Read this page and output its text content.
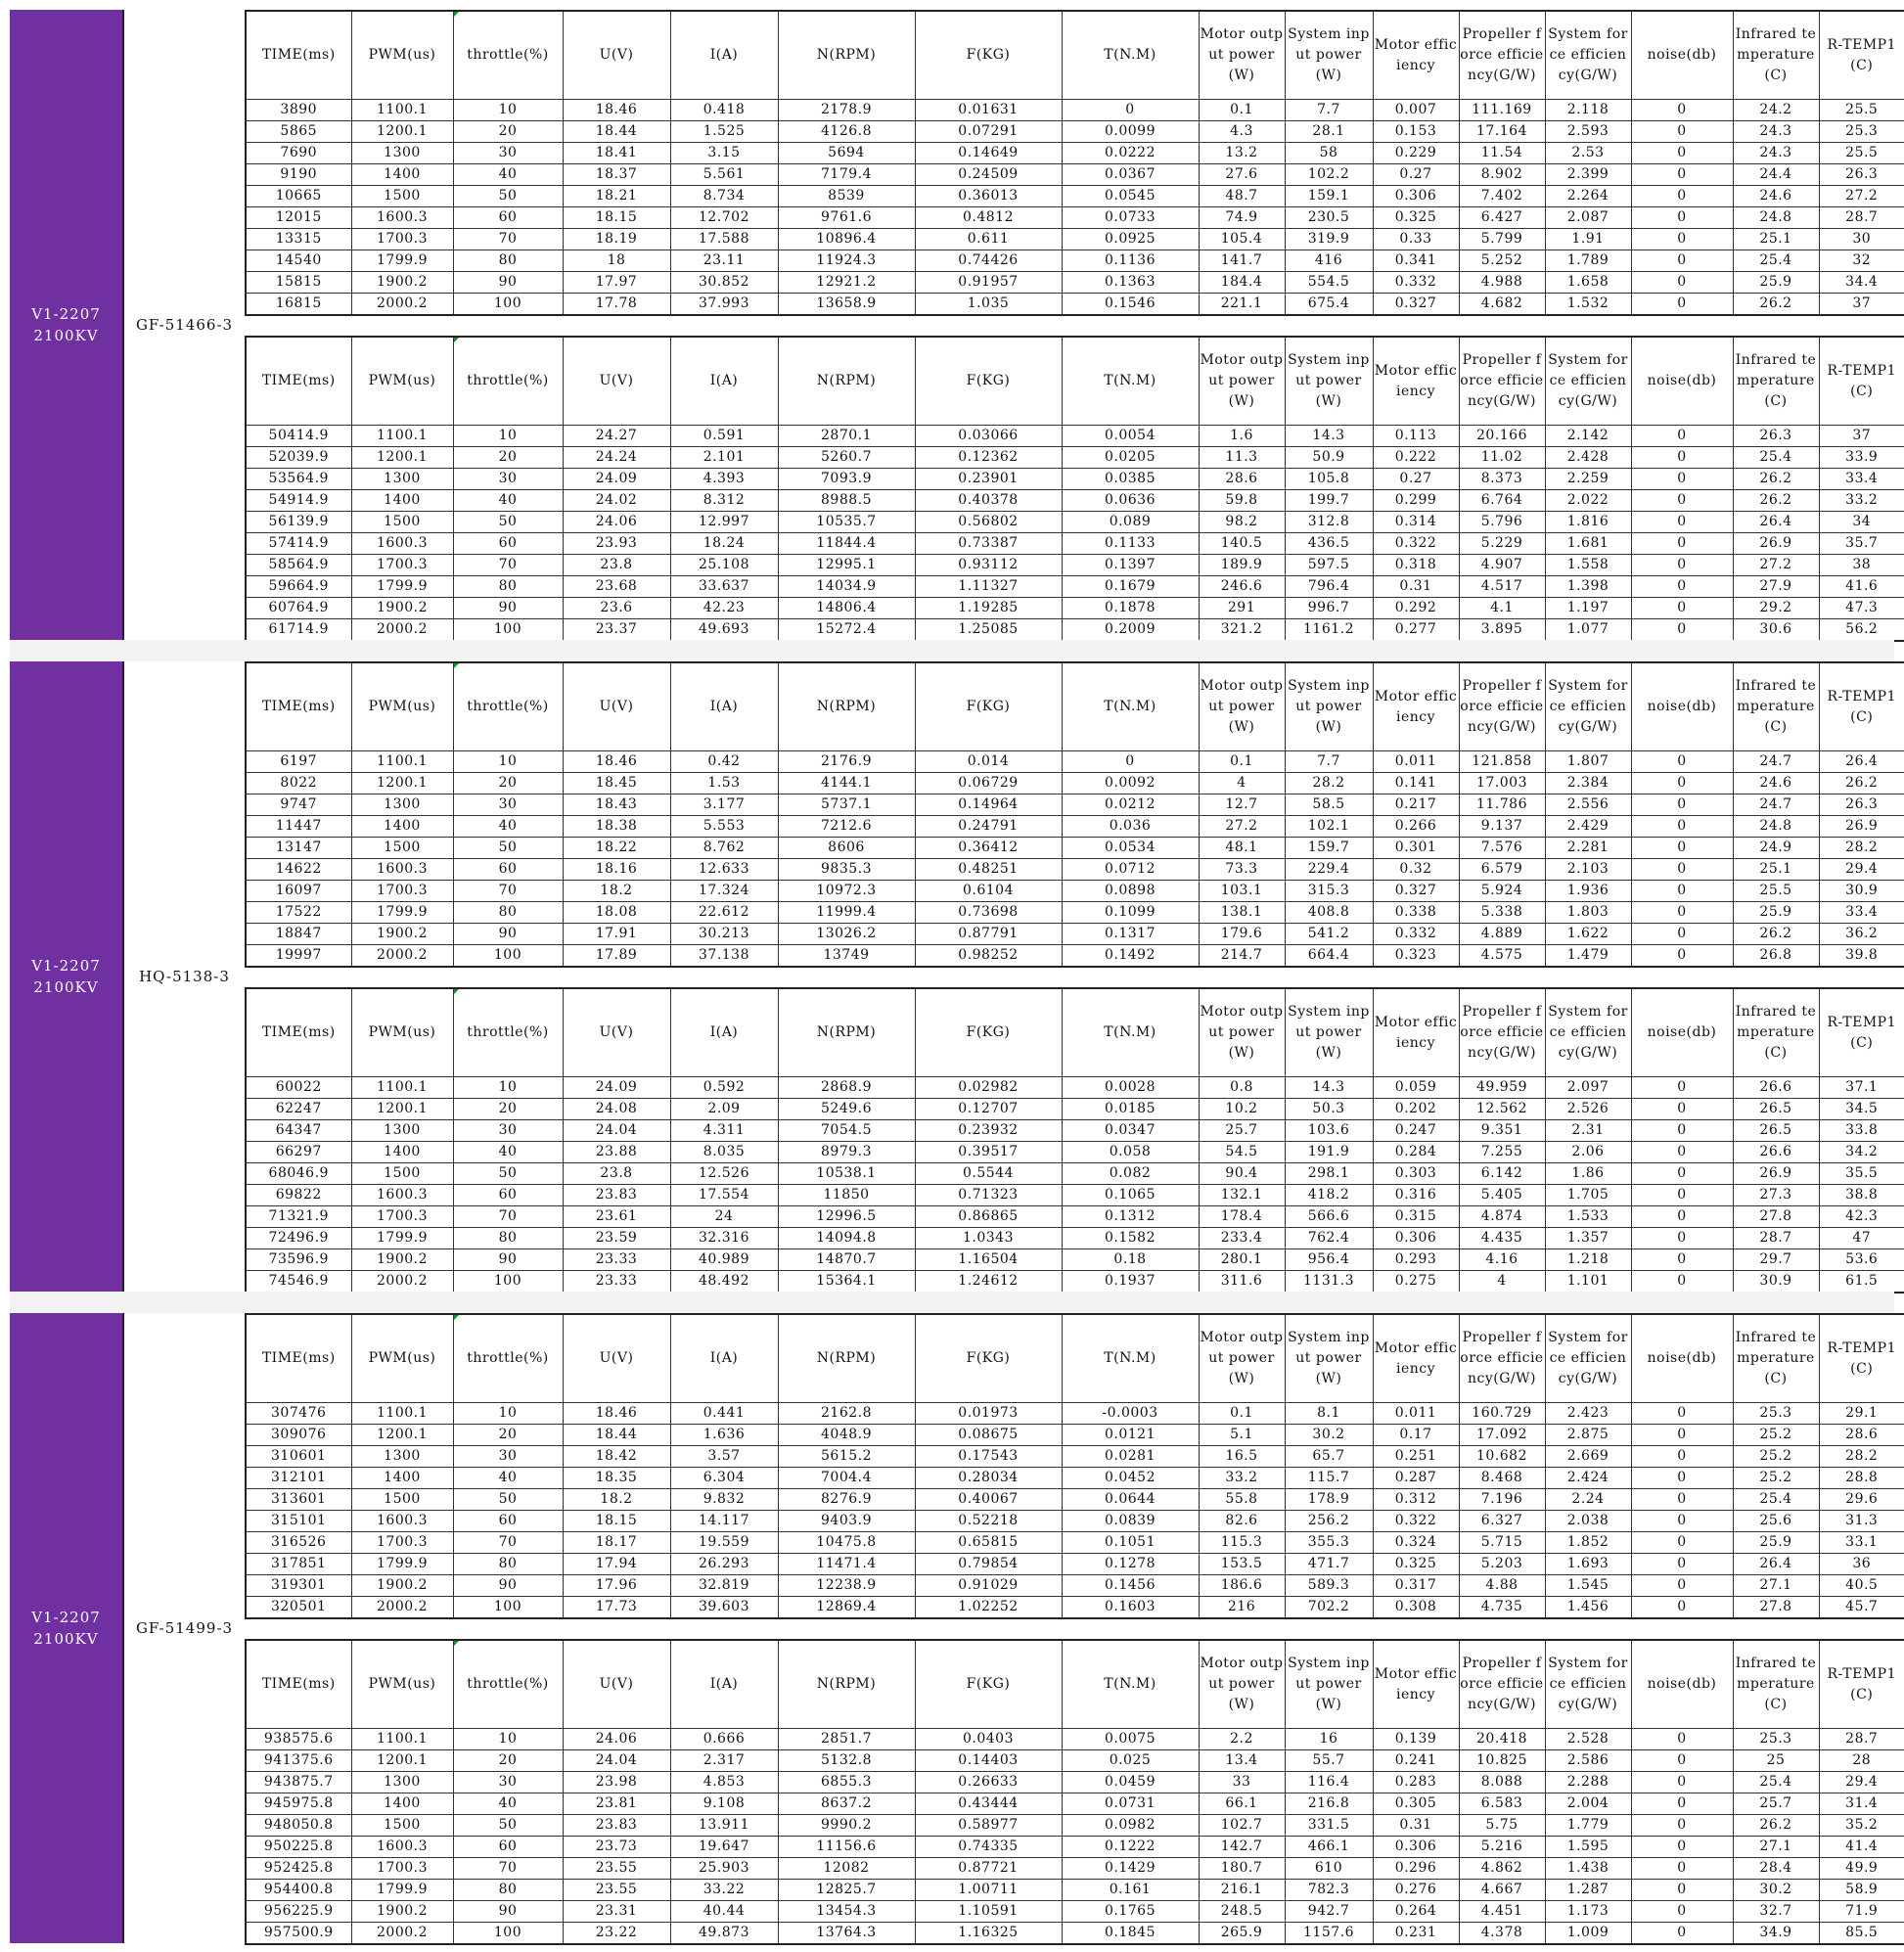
V1-2207
2100KV
GF-51466-3
TIME(ms)	PWM(us)	throttle(%)	U(V)	I(A)	N(RPM)	F(KG)	T(N.M)	Motor output power(W)	System input power(W)	Motor efficiency	Propeller force efficiency(G/W)	System force efficiency(G/W)	noise(db)	Infrared temperature(C)	R-TEMP1(C)
3890	1100.1	10	18.46	0.418	2178.9	0.01631	0	0.1	7.7	0.007	111.169	2.118	0	24.2	25.5
5865	1200.1	20	18.44	1.525	4126.8	0.07291	0.0099	4.3	28.1	0.153	17.164	2.593	0	24.3	25.3
7690	1300	30	18.41	3.15	5694	0.14649	0.0222	13.2	58	0.229	11.54	2.53	0	24.3	25.5
9190	1400	40	18.37	5.561	7179.4	0.24509	0.0367	27.6	102.2	0.27	8.902	2.399	0	24.4	26.3
10665	1500	50	18.21	8.734	8539	0.36013	0.0545	48.7	159.1	0.306	7.402	2.264	0	24.6	27.2
12015	1600.3	60	18.15	12.702	9761.6	0.4812	0.0733	74.9	230.5	0.325	6.427	2.087	0	24.8	28.7
13315	1700.3	70	18.19	17.588	10896.4	0.611	0.0925	105.4	319.9	0.33	5.799	1.91	0	25.1	30
14540	1799.9	80	18	23.11	11924.3	0.74426	0.1136	141.7	416	0.341	5.252	1.789	0	25.4	32
15815	1900.2	90	17.97	30.852	12921.2	0.91957	0.1363	184.4	554.5	0.332	4.988	1.658	0	25.9	34.4
16815	2000.2	100	17.78	37.993	13658.9	1.035	0.1546	221.1	675.4	0.327	4.682	1.532	0	26.2	37
TIME(ms)	PWM(us)	throttle(%)	U(V)	I(A)	N(RPM)	F(KG)	T(N.M)	Motor output power(W)	System input power(W)	Motor efficiency	Propeller force efficiency(G/W)	System force efficiency(G/W)	noise(db)	Infrared temperature(C)	R-TEMP1(C)
50414.9	1100.1	10	24.27	0.591	2870.1	0.03066	0.0054	1.6	14.3	0.113	20.166	2.142	0	26.3	37
52039.9	1200.1	20	24.24	2.101	5260.7	0.12362	0.0205	11.3	50.9	0.222	11.02	2.428	0	25.4	33.9
53564.9	1300	30	24.09	4.393	7093.9	0.23901	0.0385	28.6	105.8	0.27	8.373	2.259	0	26.2	33.4
54914.9	1400	40	24.02	8.312	8988.5	0.40378	0.0636	59.8	199.7	0.299	6.764	2.022	0	26.2	33.2
56139.9	1500	50	24.06	12.997	10535.7	0.56802	0.089	98.2	312.8	0.314	5.796	1.816	0	26.4	34
57414.9	1600.3	60	23.93	18.24	11844.4	0.73387	0.1133	140.5	436.5	0.322	5.229	1.681	0	26.9	35.7
58564.9	1700.3	70	23.8	25.108	12995.1	0.93112	0.1397	189.9	597.5	0.318	4.907	1.558	0	27.2	38
59664.9	1799.9	80	23.68	33.637	14034.9	1.11327	0.1679	246.6	796.4	0.31	4.517	1.398	0	27.9	41.6
60764.9	1900.2	90	23.6	42.23	14806.4	1.19285	0.1878	291	996.7	0.292	4.1	1.197	0	29.2	47.3
61714.9	2000.2	100	23.37	49.693	15272.4	1.25085	0.2009	321.2	1161.2	0.277	3.895	1.077	0	30.6	56.2
V1-2207
2100KV
HQ-5138-3
TIME(ms)	PWM(us)	throttle(%)	U(V)	I(A)	N(RPM)	F(KG)	T(N.M)	Motor output power(W)	System input power(W)	Motor efficiency	Propeller force efficiency(G/W)	System force efficiency(G/W)	noise(db)	Infrared temperature(C)	R-TEMP1(C)
6197	1100.1	10	18.46	0.42	2176.9	0.014	0	0.1	7.7	0.011	121.858	1.807	0	24.7	26.4
8022	1200.1	20	18.45	1.53	4144.1	0.06729	0.0092	4	28.2	0.141	17.003	2.384	0	24.6	26.2
9747	1300	30	18.43	3.177	5737.1	0.14964	0.0212	12.7	58.5	0.217	11.786	2.556	0	24.7	26.3
11447	1400	40	18.38	5.553	7212.6	0.24791	0.036	27.2	102.1	0.266	9.137	2.429	0	24.8	26.9
13147	1500	50	18.22	8.762	8606	0.36412	0.0534	48.1	159.7	0.301	7.576	2.281	0	24.9	28.2
14622	1600.3	60	18.16	12.633	9835.3	0.48251	0.0712	73.3	229.4	0.32	6.579	2.103	0	25.1	29.4
16097	1700.3	70	18.2	17.324	10972.3	0.6104	0.0898	103.1	315.3	0.327	5.924	1.936	0	25.5	30.9
17522	1799.9	80	18.08	22.612	11999.4	0.73698	0.1099	138.1	408.8	0.338	5.338	1.803	0	25.9	33.4
18847	1900.2	90	17.91	30.213	13026.2	0.87791	0.1317	179.6	541.2	0.332	4.889	1.622	0	26.2	36.2
19997	2000.2	100	17.89	37.138	13749	0.98252	0.1492	214.7	664.4	0.323	4.575	1.479	0	26.8	39.8
TIME(ms)	PWM(us)	throttle(%)	U(V)	I(A)	N(RPM)	F(KG)	T(N.M)	Motor output power(W)	System input power(W)	Motor efficiency	Propeller force efficiency(G/W)	System force efficiency(G/W)	noise(db)	Infrared temperature(C)	R-TEMP1(C)
60022	1100.1	10	24.09	0.592	2868.9	0.02982	0.0028	0.8	14.3	0.059	49.959	2.097	0	26.6	37.1
62247	1200.1	20	24.08	2.09	5249.6	0.12707	0.0185	10.2	50.3	0.202	12.562	2.526	0	26.5	34.5
64347	1300	30	24.04	4.311	7054.5	0.23932	0.0347	25.7	103.6	0.247	9.351	2.31	0	26.5	33.8
66297	1400	40	23.88	8.035	8979.3	0.39517	0.058	54.5	191.9	0.284	7.255	2.06	0	26.6	34.2
68046.9	1500	50	23.8	12.526	10538.1	0.5544	0.082	90.4	298.1	0.303	6.142	1.86	0	26.9	35.5
69822	1600.3	60	23.83	17.554	11850	0.71323	0.1065	132.1	418.2	0.316	5.405	1.705	0	27.3	38.8
71321.9	1700.3	70	23.61	24	12996.5	0.86865	0.1312	178.4	566.6	0.315	4.874	1.533	0	27.8	42.3
72496.9	1799.9	80	23.59	32.316	14094.8	1.0343	0.1582	233.4	762.4	0.306	4.435	1.357	0	28.7	47
73596.9	1900.2	90	23.33	40.989	14870.7	1.16504	0.18	280.1	956.4	0.293	4.16	1.218	0	29.7	53.6
74546.9	2000.2	100	23.33	48.492	15364.1	1.24612	0.1937	311.6	1131.3	0.275	4	1.101	0	30.9	61.5
V1-2207
2100KV
GF-51499-3
TIME(ms)	PWM(us)	throttle(%)	U(V)	I(A)	N(RPM)	F(KG)	T(N.M)	Motor output power(W)	System input power(W)	Motor efficiency	Propeller force efficiency(G/W)	System force efficiency(G/W)	noise(db)	Infrared temperature(C)	R-TEMP1(C)
307476	1100.1	10	18.46	0.441	2162.8	0.01973	-0.0003	0.1	8.1	0.011	160.729	2.423	0	25.3	29.1
309076	1200.1	20	18.44	1.636	4048.9	0.08675	0.0121	5.1	30.2	0.17	17.092	2.875	0	25.2	28.6
310601	1300	30	18.42	3.57	5615.2	0.17543	0.0281	16.5	65.7	0.251	10.682	2.669	0	25.2	28.2
312101	1400	40	18.35	6.304	7004.4	0.28034	0.0452	33.2	115.7	0.287	8.468	2.424	0	25.2	28.8
313601	1500	50	18.2	9.832	8276.9	0.40067	0.0644	55.8	178.9	0.312	7.196	2.24	0	25.4	29.6
315101	1600.3	60	18.15	14.117	9403.9	0.52218	0.0839	82.6	256.2	0.322	6.327	2.038	0	25.6	31.3
316526	1700.3	70	18.17	19.559	10475.8	0.65815	0.1051	115.3	355.3	0.324	5.715	1.852	0	25.9	33.1
317851	1799.9	80	17.94	26.293	11471.4	0.79854	0.1278	153.5	471.7	0.325	5.203	1.693	0	26.4	36
319301	1900.2	90	17.96	32.819	12238.9	0.91029	0.1456	186.6	589.3	0.317	4.88	1.545	0	27.1	40.5
320501	2000.2	100	17.73	39.603	12869.4	1.02252	0.1603	216	702.2	0.308	4.735	1.456	0	27.8	45.7
TIME(ms)	PWM(us)	throttle(%)	U(V)	I(A)	N(RPM)	F(KG)	T(N.M)	Motor output power(W)	System input power(W)	Motor efficiency	Propeller force efficiency(G/W)	System force efficiency(G/W)	noise(db)	Infrared temperature(C)	R-TEMP1(C)
938575.6	1100.1	10	24.06	0.666	2851.7	0.0403	0.0075	2.2	16	0.139	20.418	2.528	0	25.3	28.7
941375.6	1200.1	20	24.04	2.317	5132.8	0.14403	0.025	13.4	55.7	0.241	10.825	2.586	0	25	28
943875.7	1300	30	23.98	4.853	6855.3	0.26633	0.0459	33	116.4	0.283	8.088	2.288	0	25.4	29.4
945975.8	1400	40	23.81	9.108	8637.2	0.43444	0.0731	66.1	216.8	0.305	6.583	2.004	0	25.7	31.4
948050.8	1500	50	23.83	13.911	9990.2	0.58977	0.0982	102.7	331.5	0.31	5.75	1.779	0	26.2	35.2
950225.8	1600.3	60	23.73	19.647	11156.6	0.74335	0.1222	142.7	466.1	0.306	5.216	1.595	0	27.1	41.4
952425.8	1700.3	70	23.55	25.903	12082	0.87721	0.1429	180.7	610	0.296	4.862	1.438	0	28.4	49.9
954400.8	1799.9	80	23.55	33.22	12825.7	1.00711	0.161	216.1	782.3	0.276	4.667	1.287	0	30.2	58.9
956225.9	1900.2	90	23.31	40.44	13454.3	1.10591	0.1765	248.5	942.7	0.264	4.451	1.173	0	32.7	71.9
957500.9	2000.2	100	23.22	49.873	13764.3	1.16325	0.1845	265.9	1157.6	0.231	4.378	1.009	0	34.9	85.5
